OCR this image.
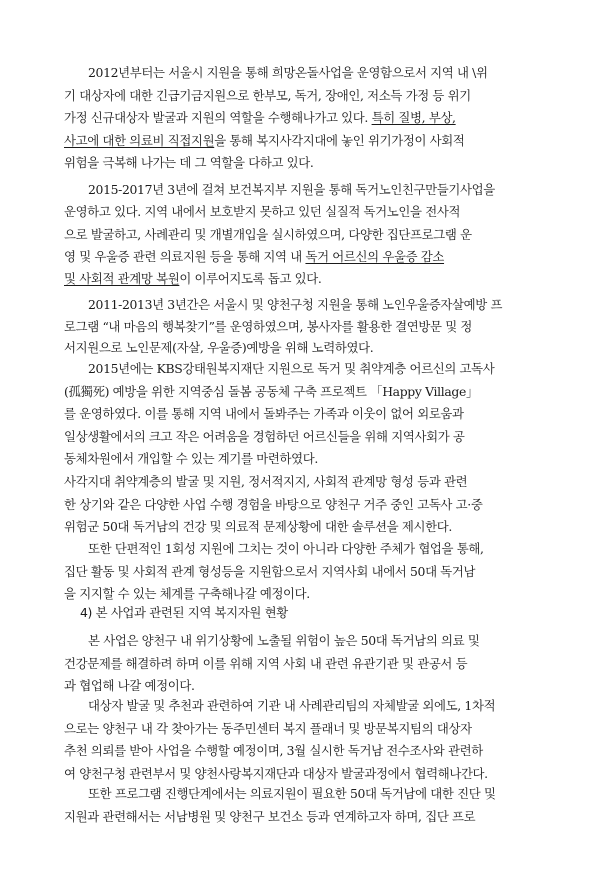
2012년부터는 서울시 지원을 통해 희망온돌사업을 운영함으로서 지역 내 \위
기 대상자에 대한 긴급기금지원으로 한부모, 독거, 장애인, 저소득 가정 등 위기
가정 신규대상자 발굴과 지원의 역할을 수행해나가고 있다. 특히 질병, 부상,
사고에 대한 의료비 직접지원을 통해 복지사각지대에 놓인 위기가정이 사회적
위험을 극복해 나가는 데 그 역할을 다하고 있다.
2015-2017년 3년에 걸쳐 보건복지부 지원을 통해 독거노인친구만들기사업을
운영하고 있다. 지역 내에서 보호받지 못하고 있던 실질적 독거노인을 전사적
으로 발굴하고, 사례관리 및 개별개입을 실시하였으며, 다양한 집단프로그램 운
영 및 우울증 관련 의료지원 등을 통해 지역 내 독거 어르신의 우울증 감소
및 사회적 관계망 복원이 이루어지도록 돕고 있다.
2011-2013년 3년간은 서울시 및 양천구청 지원을 통해 노인우울증자살예방 프
로그램 “내 마음의 행복찾기”를 운영하였으며, 봉사자를 활용한 결연방문 및 정
서지원으로 노인문제(자살, 우울증)예방을 위해 노력하였다.
2015년에는 KBS강태원복지재단 지원으로 독거 및 취약계층 어르신의 고독사
(孤獨死) 예방을 위한 지역중심 돌봄 공동체 구축 프로젝트 「Happy Village」
를 운영하였다. 이를 통해 지역 내에서 돌봐주는 가족과 이웃이 없어 외로움과
일상생활에서의 크고 작은 어려움을 경험하던 어르신들을 위해 지역사회가 공
동체차원에서 개입할 수 있는 계기를 마련하였다.
사각지대 취약계층의 발굴 및 지원, 정서적지지, 사회적 관계망 형성 등과 관련
한 상기와 같은 다양한 사업 수행 경험을 바탕으로 양천구 거주 중인 고독사 고·중
위험군 50대 독거남의 건강 및 의료적 문제상황에 대한 솔루션을 제시한다.
또한 단편적인 1회성 지원에 그치는 것이 아니라 다양한 주체가 협업을 통해,
집단 활동 및 사회적 관계 형성등을 지원함으로서 지역사회 내에서 50대 독거남
을 지지할 수 있는 체계를 구축해나갈 예정이다.
4) 본 사업과 관련된 지역 복지자원 현황
본 사업은 양천구 내 위기상황에 노출될 위험이 높은 50대 독거남의 의료 및
건강문제를 해결하려 하며 이를 위해 지역 사회 내 관련 유관기관 및 관공서 등
과 협업해 나갈 예정이다.
대상자 발굴 및 추천과 관련하여 기관 내 사례관리팀의 자체발굴 외에도, 1차적
으로는 양천구 내 각 찾아가는 동주민센터 복지 플래너 및 방문복지팀의 대상자
추천 의뢰를 받아 사업을 수행할 예정이며, 3월 실시한 독거남 전수조사와 관련하
여 양천구청 관련부서 및 양천사랑복지재단과 대상자 발굴과정에서 협력해나간다.
또한 프로그램 진행단계에서는 의료지원이 필요한 50대 독거남에 대한 진단 및
지원과 관련해서는 서남병원 및 양천구 보건소 등과 연계하고자 하며, 집단 프로
